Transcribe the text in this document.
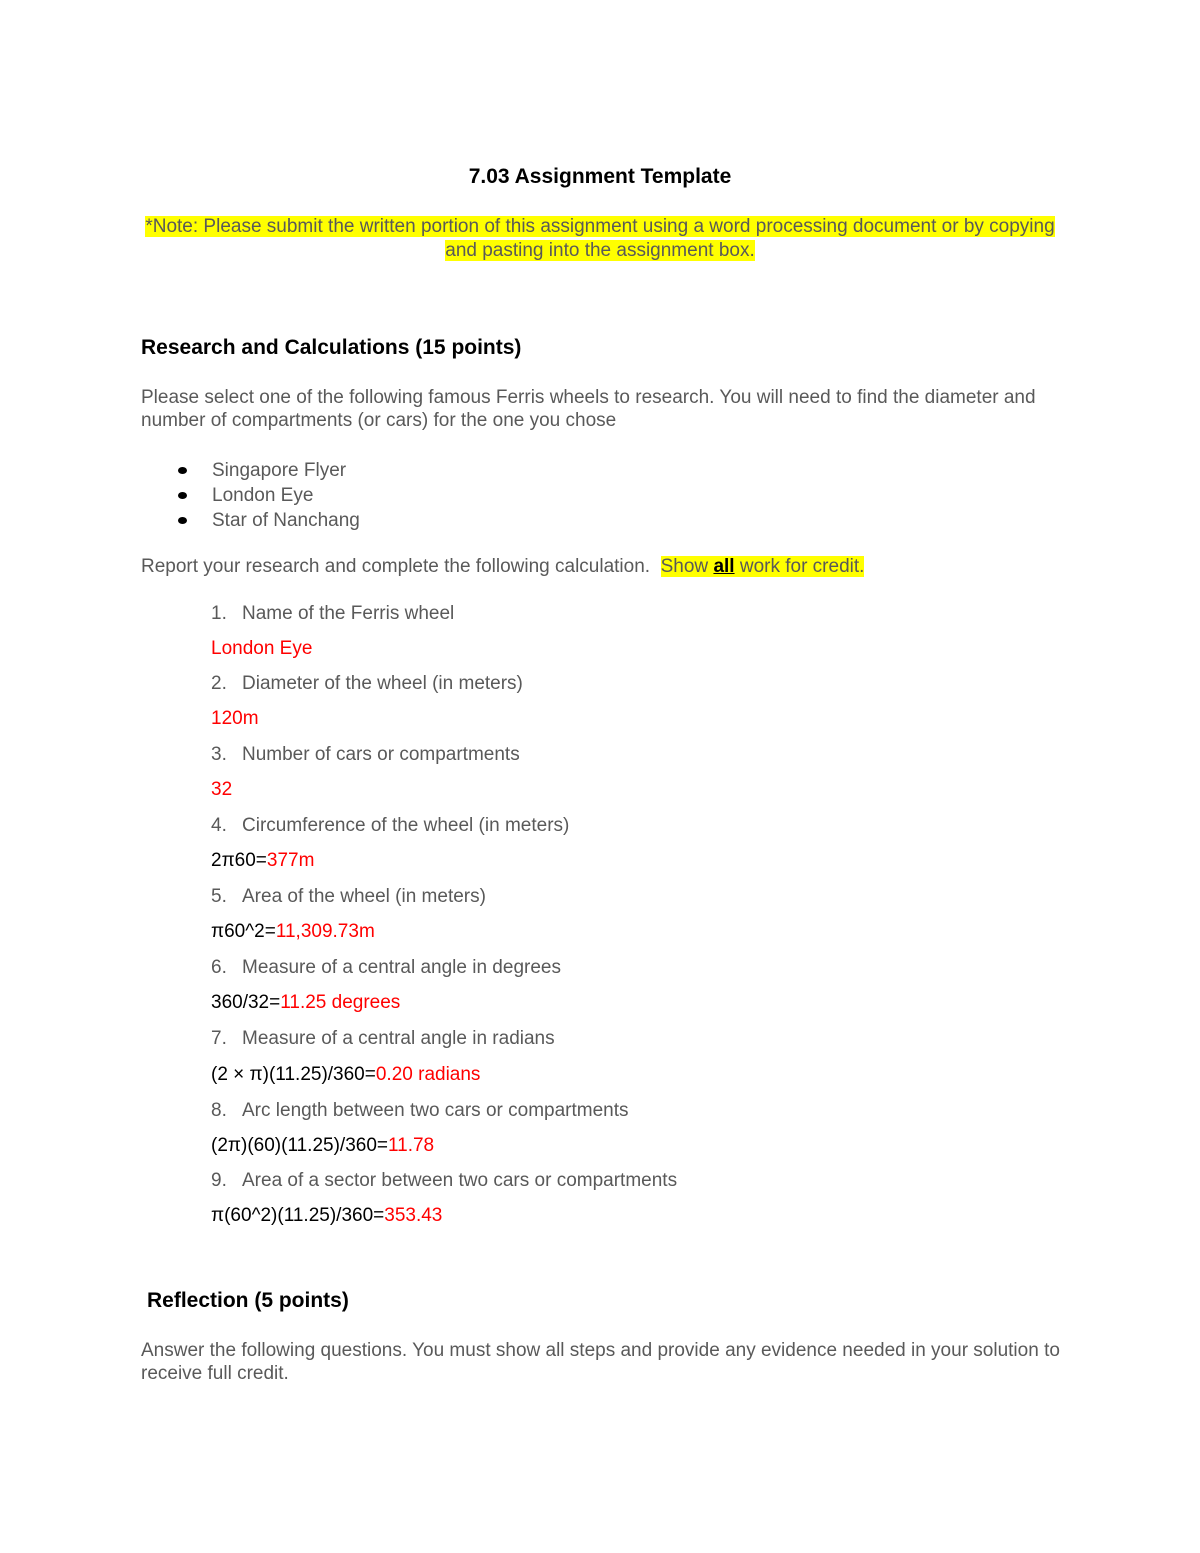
7.03 Assignment Template
*Note: Please submit the written portion of this assignment using a word processing document or by copying and pasting into the assignment box.
Research and Calculations (15 points)
Please select one of the following famous Ferris wheels to research. You will need to find the diameter and number of compartments (or cars) for the one you chose
Singapore Flyer
London Eye
Star of Nanchang
Report your research and complete the following calculation.  Show all work for credit.
1. Name of the Ferris wheel
London Eye
2. Diameter of the wheel (in meters)
120m
3. Number of cars or compartments
32
4. Circumference of the wheel (in meters)
2π60=377m
5. Area of the wheel (in meters)
π60^2=11,309.73m
6. Measure of a central angle in degrees
360/32=11.25 degrees
7. Measure of a central angle in radians
(2 × π)(11.25)/360=0.20 radians
8. Arc length between two cars or compartments
(2π)(60)(11.25)/360=11.78
9. Area of a sector between two cars or compartments
π(60^2)(11.25)/360=353.43
Reflection (5 points)
Answer the following questions. You must show all steps and provide any evidence needed in your solution to receive full credit.
